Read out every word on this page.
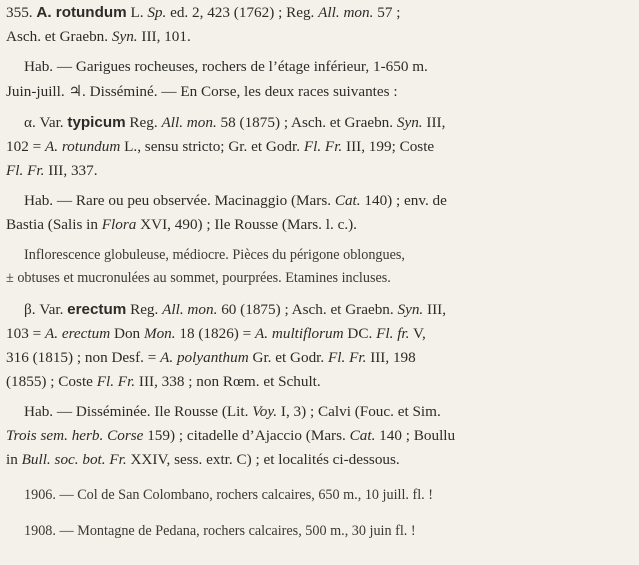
355. A. rotundum L. Sp. ed. 2, 423 (1762) ; Reg. All. mon. 57 ;
Asch. et Graebn. Syn. III, 101.
Hab. — Garigues rocheuses, rochers de l’étage inférieur, 1-650 m.
Juin-juill. ♃. Disséminé. — En Corse, les deux races suivantes :
α. Var. typicum Reg. All. mon. 58 (1875) ; Asch. et Graebn. Syn. III,
102 = A. rotundum L., sensu stricto; Gr. et Godr. Fl. Fr. III, 199; Coste
Fl. Fr. III, 337.
Hab. — Rare ou peu observée. Macinaggio (Mars. Cat. 140) ; env. de
Bastia (Salis in Flora XVI, 490) ; Ile Rousse (Mars. l. c.).
Inflorescence globuleuse, médiocre. Pièces du périgone oblongues,
± obtuses et mucronulées au sommet, pourprées. Etamines incluses.
β. Var. erectum Reg. All. mon. 60 (1875) ; Asch. et Graebn. Syn. III,
103 = A. erectum Don Mon. 18 (1826) = A. multiflorum DC. Fl. fr. V,
316 (1815) ; non Desf. = A. polyanthum Gr. et Godr. Fl. Fr. III, 198
(1855) ; Coste Fl. Fr. III, 338 ; non Rœm. et Schult.
Hab. — Disséminée. Ile Rousse (Lit. Voy. I, 3) ; Calvi (Fouc. et Sim.
Trois sem. herb. Corse 159) ; citadelle d’Ajaccio (Mars. Cat. 140 ; Boullu
in Bull. soc. bot. Fr. XXIV, sess. extr. C) ; et localités ci-dessous.
1906. — Col de San Colombano, rochers calcaires, 650 m., 10 juill. fl. !
1908. — Montagne de Pedana, rochers calcaires, 500 m., 30 juin fl. !
